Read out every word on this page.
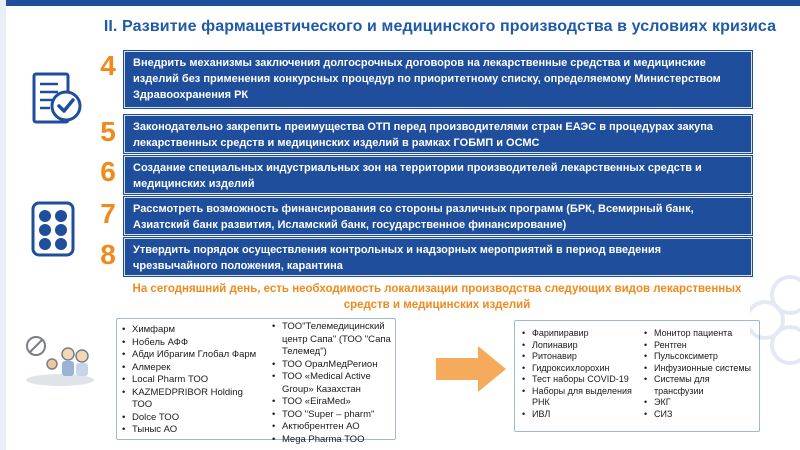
II. Развитие фармацевтического и медицинского производства в условиях кризиса
4	Внедрить механизмы заключения долгосрочных договоров на лекарственные средства и медицинские изделий без применения конкурсных процедур по приоритетному списку, определяемому Министерством Здравоохранения РК
5	Законодательно закрепить преимущества ОТП перед производителями стран ЕАЭС в процедурах закупа лекарственных средств и медицинских изделий в рамках ГОБМП и ОСМС
6	Создание специальных индустриальных зон на территории производителей лекарственных средств и медицинских изделий
7	Рассмотреть возможность финансирования со стороны различных программ (БРК, Всемирный банк, Азиатский банк развития, Исламский банк, государственное финансирование)
8	Утвердить порядок осуществления контрольных и надзорных мероприятий в период введения чрезвычайного положения, карантина
На сегодняшний день, есть необходимость локализации производства следующих видов лекарственных средств и медицинских изделий
• Химфарм
• Нобель АФФ
• Абди Ибрагим Глобал Фарм
• Алмерек
• Local Pharm ТОО
• KAZMEDPRIBOR Holding ТОО
• Dolce ТОО
• Тыныс АО
• ТОО"Телемедицинский центр Сапа" (ТОО "Сапа Телемед")
• ТОО ОралМедРегион
• ТОО «Medical Active Group» Казахстан
• ТОО «EiraMed»
• ТОО "Super – pharm"
• Актюбрентген АО
• Mega Pharma ТОО
• Фарипиравир
• Лопинавир
• Ритонавир
• Гидроксихлорохин
• Тест наборы COVID-19
• Наборы для выделения РНК
• ИВЛ
• Монитор пациента
• Рентген
• Пульсоксиметр
• Инфузионные системы
• Системы для трансфузии
• ЭКГ
• СИЗ
